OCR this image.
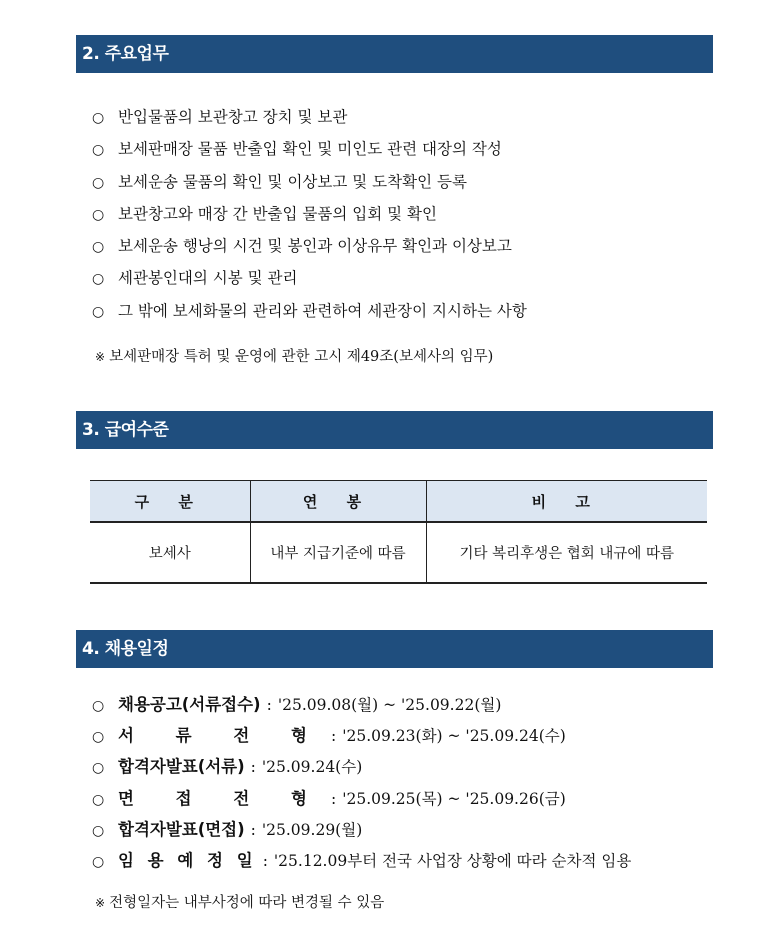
2. 주요업무
○ 반입물품의 보관창고 장치 및 보관
○ 보세판매장 물품 반출입 확인 및 미인도 관련 대장의 작성
○ 보세운송 물품의 확인 및 이상보고 및 도착확인 등록
○ 보관창고와 매장 간 반출입 물품의 입회 및 확인
○ 보세운송 행낭의 시건 및 봉인과 이상유무 확인과 이상보고
○ 세관봉인대의 시봉 및 관리
○ 그 밖에 보세화물의 관리와 관련하여 세관장이 지시하는 사항
※ 보세판매장 특허 및 운영에 관한 고시 제49조(보세사의 임무)
3. 급여수준
구 분	연 봉	비 고
보세사	내부 지급기준에 따름	기타 복리후생은 협회 내규에 따름
4. 채용일정
○ 채용공고(서류접수) : '25.09.08(월) ~ '25.09.22(월)
○ 서 류 전 형 : '25.09.23(화) ~ '25.09.24(수)
○ 합격자발표(서류) : '25.09.24(수)
○ 면 접 전 형 : '25.09.25(목) ~ '25.09.26(금)
○ 합격자발표(면접) : '25.09.29(월)
○ 임 용 예 정 일 : '25.12.09부터 전국 사업장 상황에 따라 순차적 임용
※ 전형일자는 내부사정에 따라 변경될 수 있음
